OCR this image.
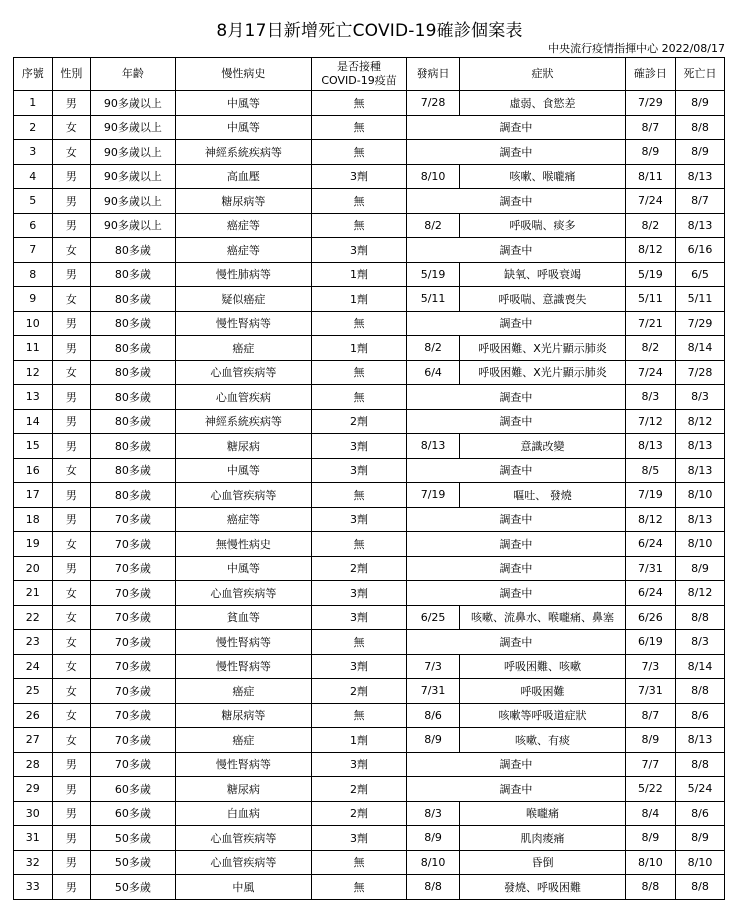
8月17日新增死亡COVID-19確診個案表
中央流行疫情指揮中心 2022/08/17
序號	性別	年齡	慢性病史	是否接種
COVID-19疫苗	發病日	症狀	確診日	死亡日
1	男	90多歲以上	中風等	無	7/28	虛弱、食慾差	7/29	8/9
2	女	90多歲以上	中風等	無	調查中		8/7	8/8
3	女	90多歲以上	神經系統疾病等	無	調查中		8/9	8/9
4	男	90多歲以上	高血壓	3劑	8/10	咳嗽、喉嚨痛	8/11	8/13
5	男	90多歲以上	糖尿病等	無	調查中		7/24	8/7
6	男	90多歲以上	癌症等	無	8/2	呼吸喘、痰多	8/2	8/13
7	女	80多歲	癌症等	3劑	調查中		8/12	6/16
8	男	80多歲	慢性肺病等	1劑	5/19	缺氧、呼吸衰竭	5/19	6/5
9	女	80多歲	疑似癌症	1劑	5/11	呼吸喘、意識喪失	5/11	5/11
10	男	80多歲	慢性腎病等	無	調查中		7/21	7/29
11	男	80多歲	癌症	1劑	8/2	呼吸困難、X光片顯示肺炎	8/2	8/14
12	女	80多歲	心血管疾病等	無	6/4	呼吸困難、X光片顯示肺炎	7/24	7/28
13	男	80多歲	心血管疾病	無	調查中		8/3	8/3
14	男	80多歲	神經系統疾病等	2劑	調查中		7/12	8/12
15	男	80多歲	糖尿病	3劑	8/13	意識改變	8/13	8/13
16	女	80多歲	中風等	3劑	調查中		8/5	8/13
17	男	80多歲	心血管疾病等	無	7/19	嘔吐、 發燒	7/19	8/10
18	男	70多歲	癌症等	3劑	調查中		8/12	8/13
19	女	70多歲	無慢性病史	無	調查中		6/24	8/10
20	男	70多歲	中風等	2劑	調查中		7/31	8/9
21	女	70多歲	心血管疾病等	3劑	調查中		6/24	8/12
22	女	70多歲	貧血等	3劑	6/25	咳嗽、流鼻水、喉嚨痛、鼻塞	6/26	8/8
23	女	70多歲	慢性腎病等	無	調查中		6/19	8/3
24	女	70多歲	慢性腎病等	3劑	7/3	呼吸困難、咳嗽	7/3	8/14
25	女	70多歲	癌症	2劑	7/31	呼吸困難	7/31	8/8
26	女	70多歲	糖尿病等	無	8/6	咳嗽等呼吸道症狀	8/7	8/6
27	女	70多歲	癌症	1劑	8/9	咳嗽、有痰	8/9	8/13
28	男	70多歲	慢性腎病等	3劑	調查中		7/7	8/8
29	男	60多歲	糖尿病	2劑	調查中		5/22	5/24
30	男	60多歲	白血病	2劑	8/3	喉嚨痛	8/4	8/6
31	男	50多歲	心血管疾病等	3劑	8/9	肌肉痠痛	8/9	8/9
32	男	50多歲	心血管疾病等	無	8/10	昏倒	8/10	8/10
33	男	50多歲	中風	無	8/8	發燒、呼吸困難	8/8	8/8
